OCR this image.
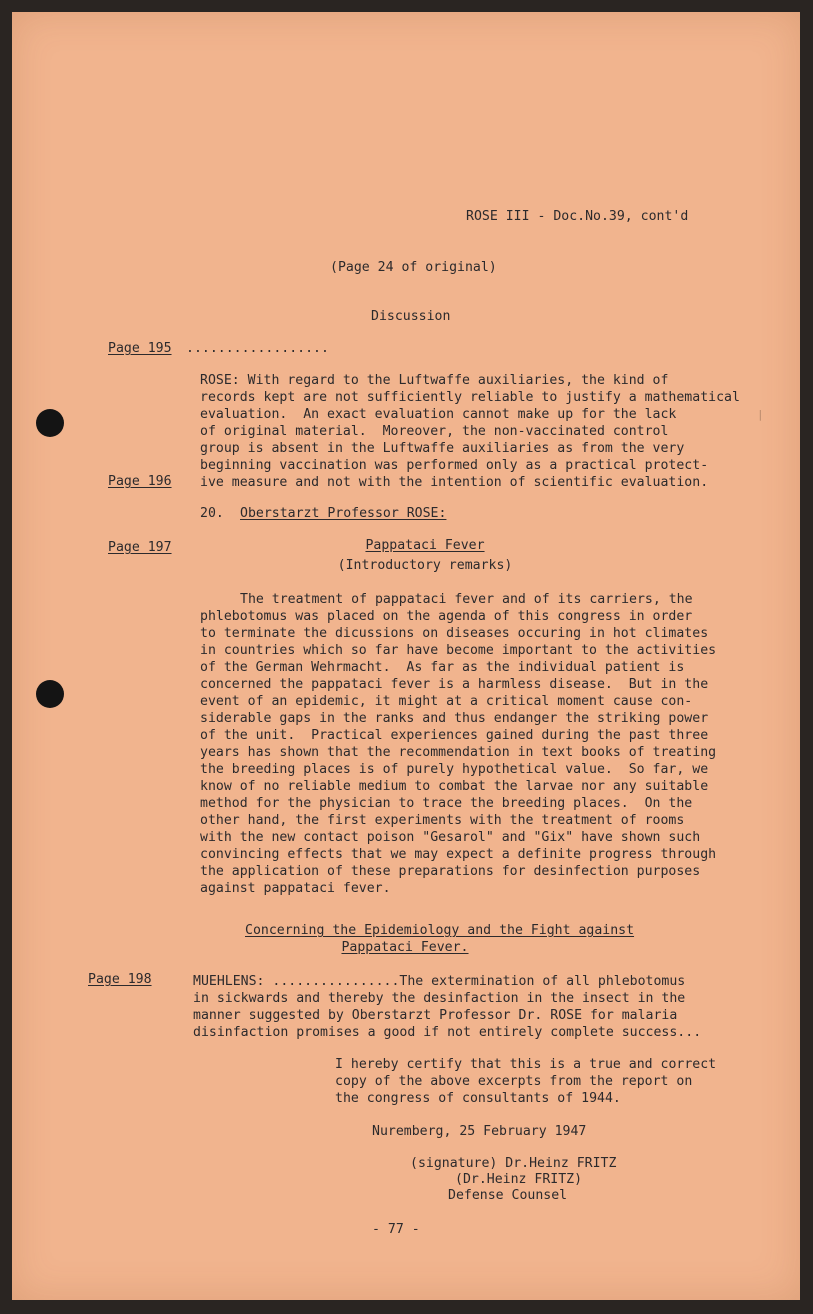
|
ROSE III - Doc.No.39, cont'd
(Page 24 of original)
Discussion
Page 195 ..................
ROSE: With regard to the Luftwaffe auxiliaries, the kind of
records kept are not sufficiently reliable to justify a mathematical
evaluation.  An exact evaluation cannot make up for the lack
of original material.  Moreover, the non-vaccinated control
group is absent in the Luftwaffe auxiliaries as from the very
beginning vaccination was performed only as a practical protect-
ive measure and not with the intention of scientific evaluation.
Page 196
20. Oberstarzt Professor ROSE:
Page 197	Pappataci Fever
(Introductory remarks)
The treatment of pappataci fever and of its carriers, the
phlebotomus was placed on the agenda of this congress in order
to terminate the dicussions on diseases occuring in hot climates
in countries which so far have become important to the activities
of the German Wehrmacht.  As far as the individual patient is
concerned the pappataci fever is a harmless disease.  But in the
event of an epidemic, it might at a critical moment cause con-
siderable gaps in the ranks and thus endanger the striking power
of the unit.  Practical experiences gained during the past three
years has shown that the recommendation in text books of treating
the breeding places is of purely hypothetical value.  So far, we
know of no reliable medium to combat the larvae nor any suitable
method for the physician to trace the breeding places.  On the
other hand, the first experiments with the treatment of rooms
with the new contact poison "Gesarol" and "Gix" have shown such
convincing effects that we may expect a definite progress through
the application of these preparations for desinfection purposes
against pappataci fever.
Concerning the Epidemiology and the Fight against
Pappataci Fever.
Page 198	MUEHLENS: ................The extermination of all phlebotomus
in sickwards and thereby the desinfaction in the insect in the
manner suggested by Oberstarzt Professor Dr. ROSE for malaria
disinfaction promises a good if not entirely complete success...
I hereby certify that this is a true and correct
copy of the above excerpts from the report on
the congress of consultants of 1944.
Nuremberg, 25 February 1947
(signature) Dr.Heinz FRITZ
(Dr.Heinz FRITZ)
Defense Counsel
- 77 -
